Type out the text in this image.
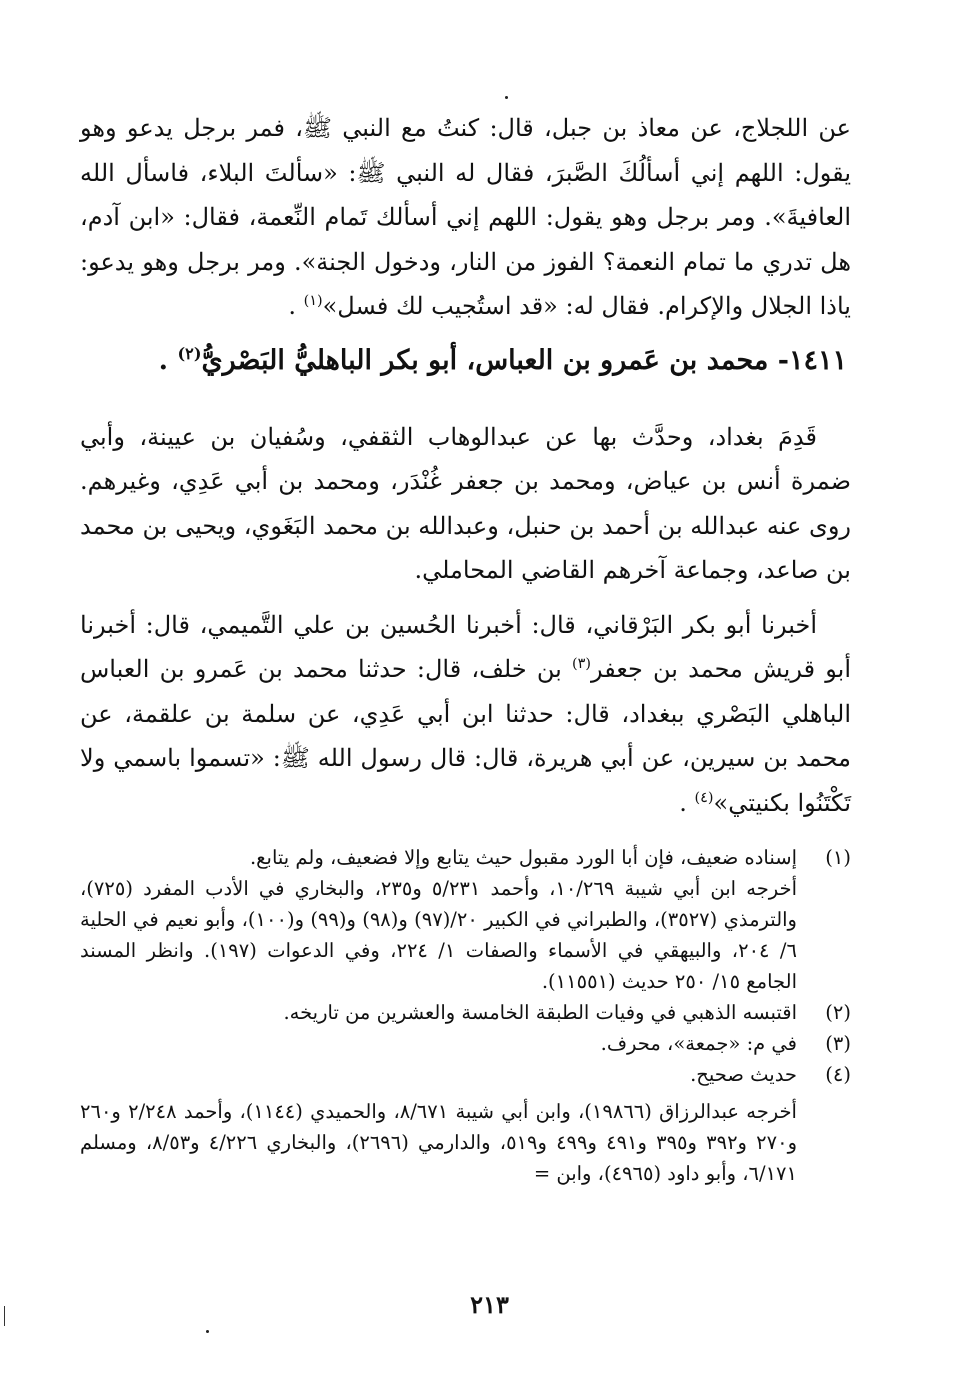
عن اللجلاج، عن معاذ بن جبل، قال: كنتُ مع النبي ﷺ، فمر برجل يدعو وهو يقول: اللهم إني أسألُكَ الصَّبرَ، فقال له النبي ﷺ: «سألتَ البلاء، فاسأل الله العافيةَ». ومر برجل وهو يقول: اللهم إني أسألك تَمام النِّعمة، فقال: «ابن آدم، هل تدري ما تمام النعمة؟ الفوز من النار، ودخول الجنة». ومر برجل وهو يدعو: ياذا الجلال والإكرام. فقال له: «قد استُجيب لك فسل»$^{(١)}$ .

١٤١١- محمد بن عَمرو بن العباس، أبو بكر الباهليُّ البَصْريُّ$^{(٢)}$ .

قَدِمَ بغداد، وحدَّث بها عن عبدالوهاب الثقفي، وسُفيان بن عيينة، وأبي ضمرة أنس بن عياض، ومحمد بن جعفر غُنْدَر، ومحمد بن أبي عَدِي، وغيرهم. روى عنه عبدالله بن أحمد بن حنبل، وعبدالله بن محمد البَغَوي، ويحيى بن محمد بن صاعد، وجماعة آخرهم القاضي المحاملي.

أخبرنا أبو بكر البَرْقاني، قال: أخبرنا الحُسين بن علي التَّميمي، قال: أخبرنا أبو قريش محمد بن جعفر$^{(٣)}$ بن خلف، قال: حدثنا محمد بن عَمرو بن العباس الباهلي البَصْري ببغداد، قال: حدثنا ابن أبي عَدِي، عن سلمة بن علقمة، عن محمد بن سيرين، عن أبي هريرة، قال: قال رسول الله ﷺ: «تسموا باسمي ولا تَكْتَنُوا بكنيتي»$^{(٤)}$ .

(١)
إسناده ضعيف، فإن أبا الورد مقبول حيث يتابع وإلا فضعيف، ولم يتابع.

أخرجه ابن أبي شيبة ١٠/٢٦٩، وأحمد ٥/٢٣١ و٢٣٥، والبخاري في الأدب المفرد (٧٢٥)، والترمذي (٣٥٢٧)، والطبراني في الكبير ٢٠/(٩٧) و(٩٨) و(٩٩) و(١٠٠)، وأبو نعيم في الحلية ٦/ ٢٠٤، والبيهقي في الأسماء والصفات ١/ ٢٢٤، وفي الدعوات (١٩٧). وانظر المسند الجامع ١٥/ ٢٥٠ حديث (١١٥٥١).

(٢)
اقتبسه الذهبي في وفيات الطبقة الخامسة والعشرين من تاريخه.
(٣)
في م: «جمعة»، محرف.
(٤)
حديث صحيح.

أخرجه عبدالرزاق (١٩٨٦٦)، وابن أبي شيبة ٨/٦٧١، والحميدي (١١٤٤)، وأحمد ٢/٢٤٨ و٢٦٠ و٢٧٠ و٣٩٢ و٣٩٥ و٤٩١ و٤٩٩ و٥١٩، والدارمي (٢٦٩٦)، والبخاري ٤/٢٢٦ و٨/٥٣، ومسلم ٦/١٧١، وأبو داود (٤٩٦٥)، وابن =

٢١٣
